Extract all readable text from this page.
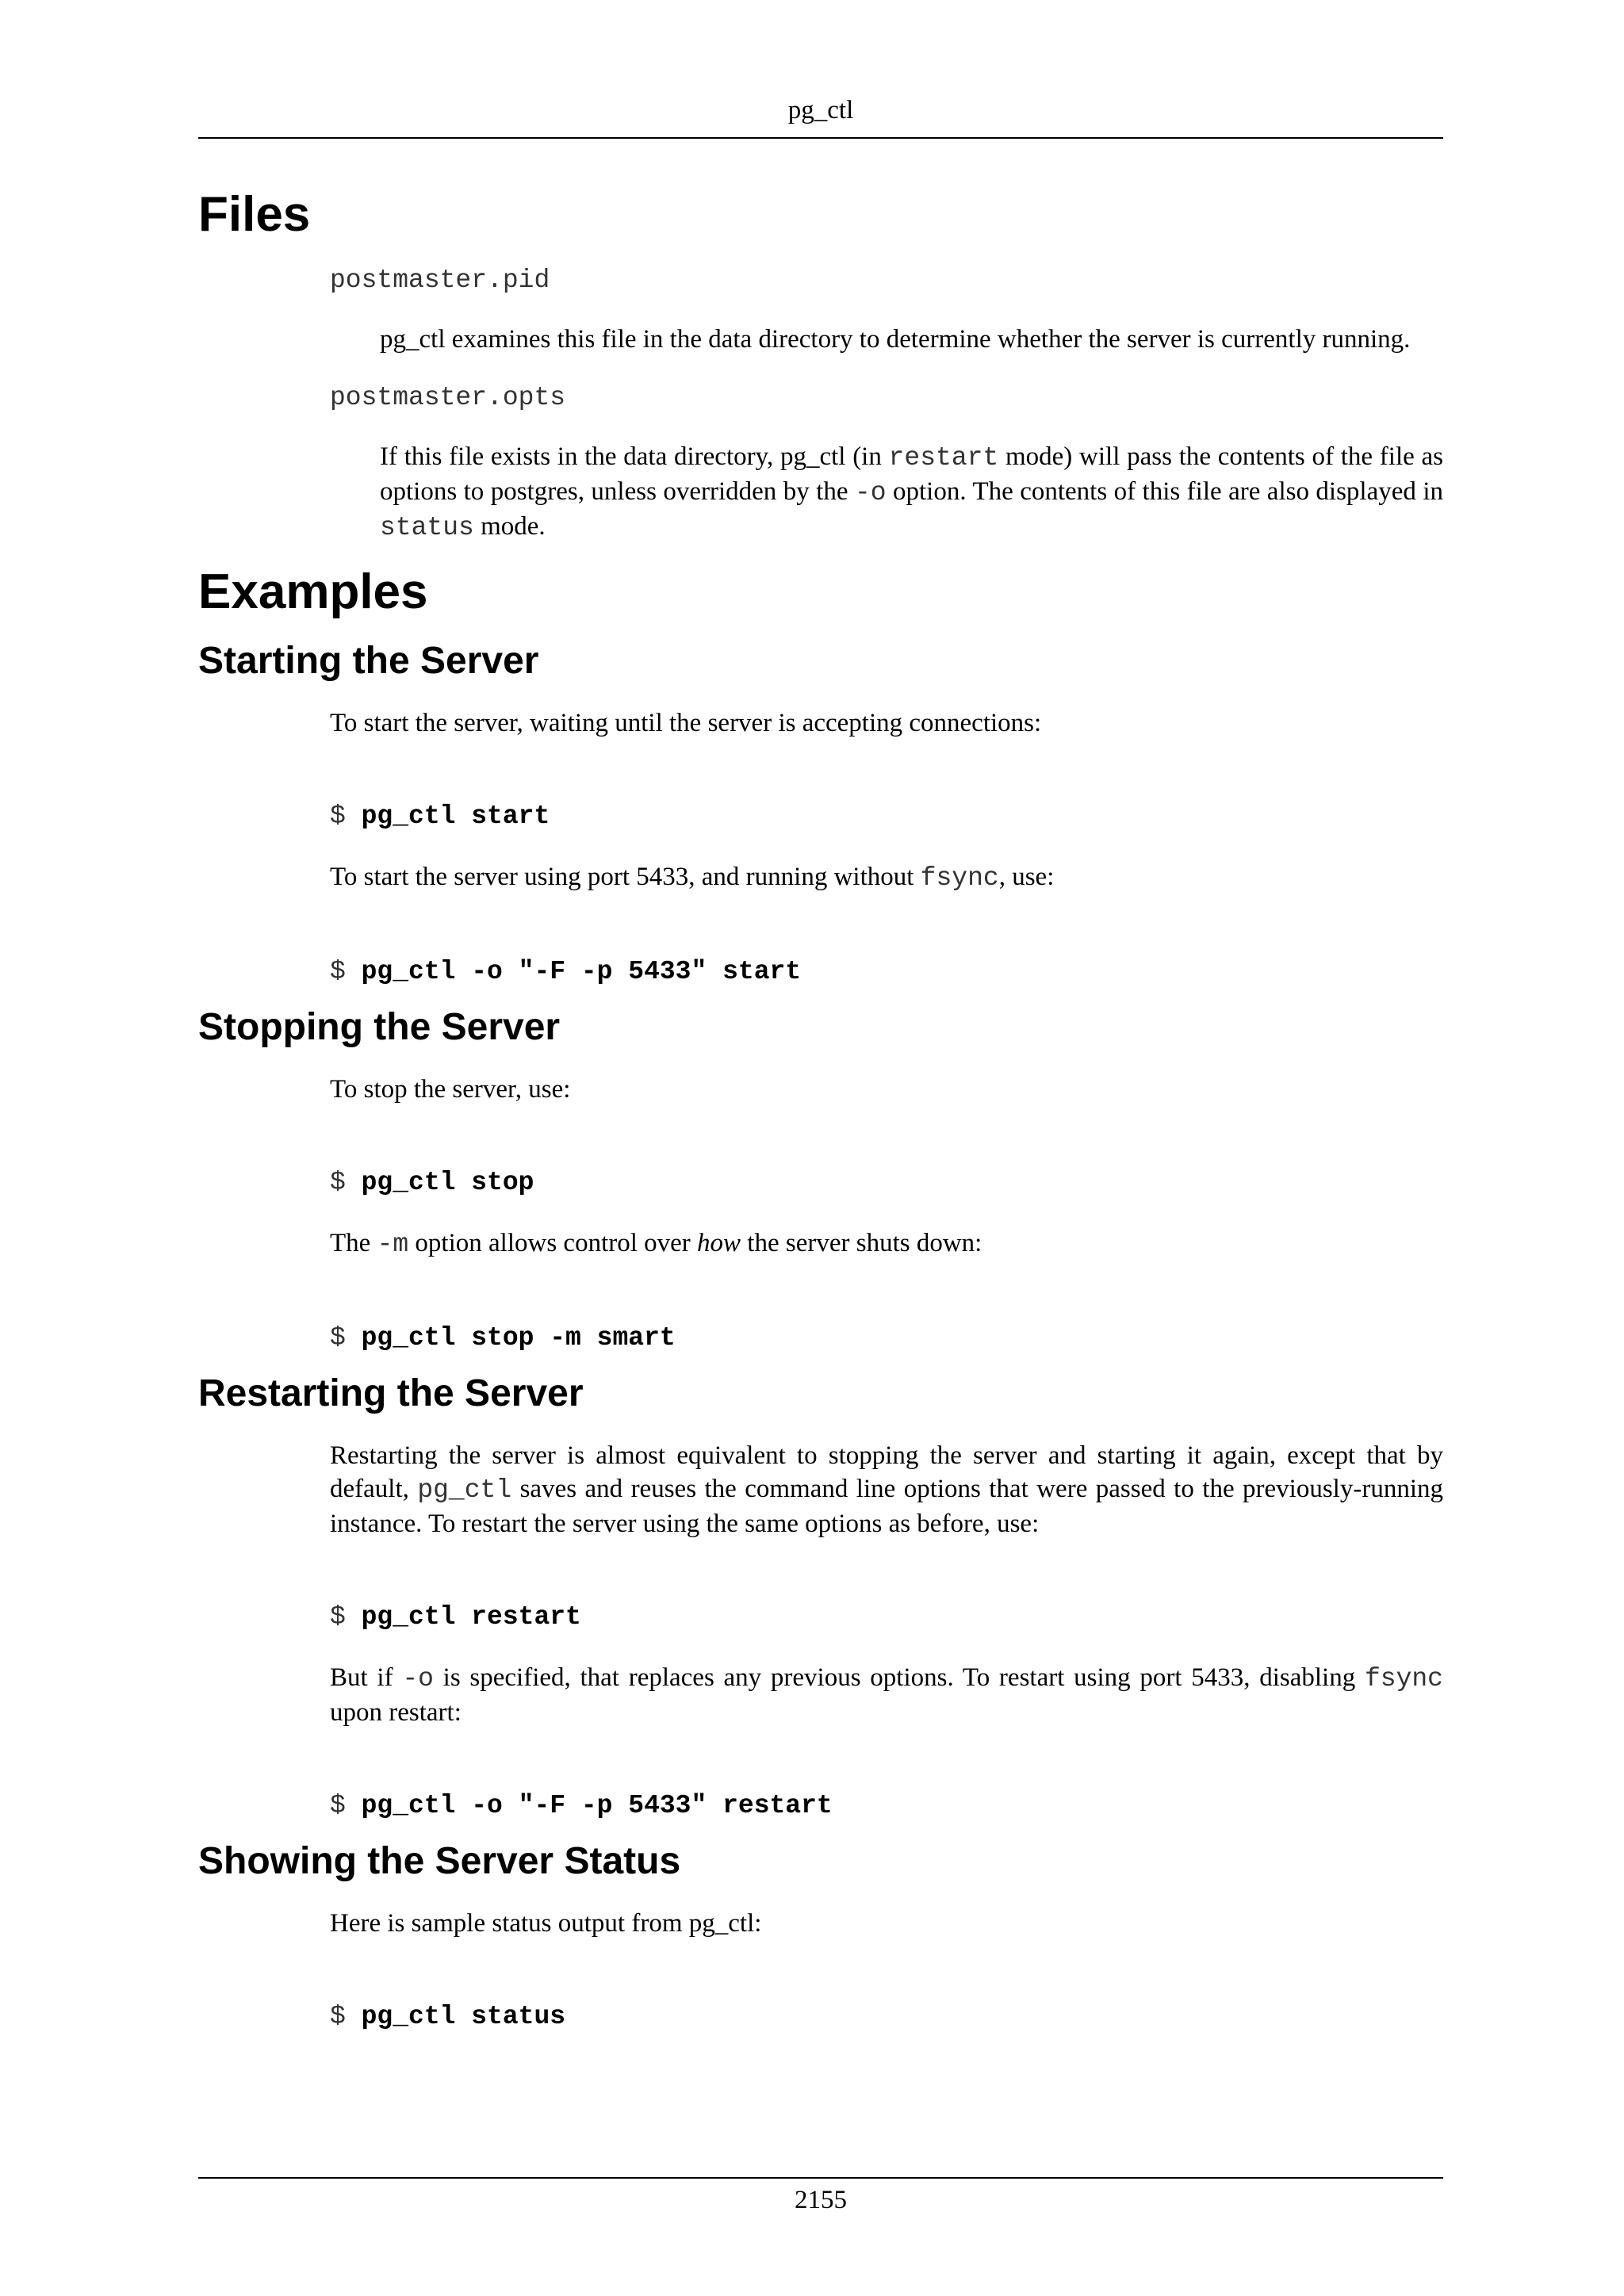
pg_ctl
Files
postmaster.pid

pg_ctl examines this file in the data directory to determine whether the server is currently running.

postmaster.opts

If this file exists in the data directory, pg_ctl (in restart mode) will pass the contents of the file as options to postgres, unless overridden by the -o option. The contents of this file are also displayed in status mode.

Examples
Starting the Server

To start the server, waiting until the server is accepting connections:

$ pg_ctl start

To start the server using port 5433, and running without fsync, use:

$ pg_ctl -o "-F -p 5433" start
Stopping the Server

To stop the server, use:

$ pg_ctl stop

The -m option allows control over how the server shuts down:

$ pg_ctl stop -m smart
Restarting the Server

Restarting the server is almost equivalent to stopping the server and starting it again, except that by default, pg_ctl saves and reuses the command line options that were passed to the previously-running instance. To restart the server using the same options as before, use:

$ pg_ctl restart

But if -o is specified, that replaces any previous options. To restart using port 5433, disabling fsync upon restart:

$ pg_ctl -o "-F -p 5433" restart
Showing the Server Status

Here is sample status output from pg_ctl:

$ pg_ctl status
2155
